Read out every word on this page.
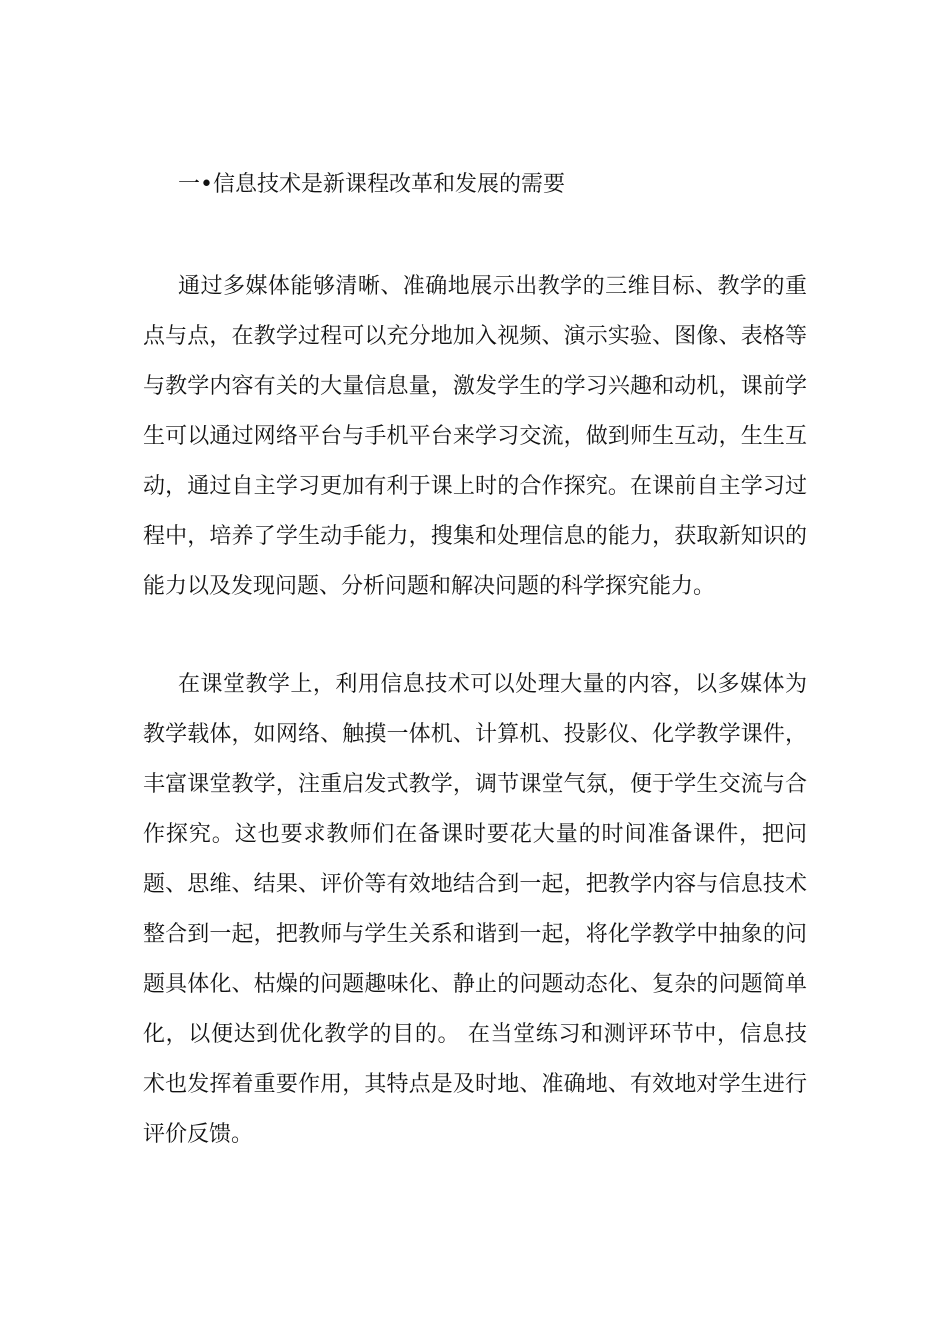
一•信息技术是新课程改革和发展的需要

通过多媒体能够清晰、准确地展示出教学的三维目标、教学的重点与点，在教学过程可以充分地加入视频、演示实验、图像、表格等与教学内容有关的大量信息量，激发学生的学习兴趣和动机，课前学生可以通过网络平台与手机平台来学习交流，做到师生互动，生生互动，通过自主学习更加有利于课上时的合作探究。在课前自主学习过程中，培养了学生动手能力，搜集和处理信息的能力，获取新知识的能力以及发现问题、分析问题和解决问题的科学探究能力。

在课堂教学上，利用信息技术可以处理大量的内容，以多媒体为教学载体，如网络、触摸一体机、计算机、投影仪、化学教学课件，丰富课堂教学，注重启发式教学，调节课堂气氛，便于学生交流与合作探究。这也要求教师们在备课时要花大量的时间准备课件，把问题、思维、结果、评价等有效地结合到一起，把教学内容与信息技术整合到一起，把教师与学生关系和谐到一起，将化学教学中抽象的问题具体化、枯燥的问题趣味化、静止的问题动态化、复杂的问题简单化，以便达到优化教学的目的。 在当堂练习和测评环节中，信息技术也发挥着重要作用，其特点是及时地、准确地、有效地对学生进行评价反馈。
